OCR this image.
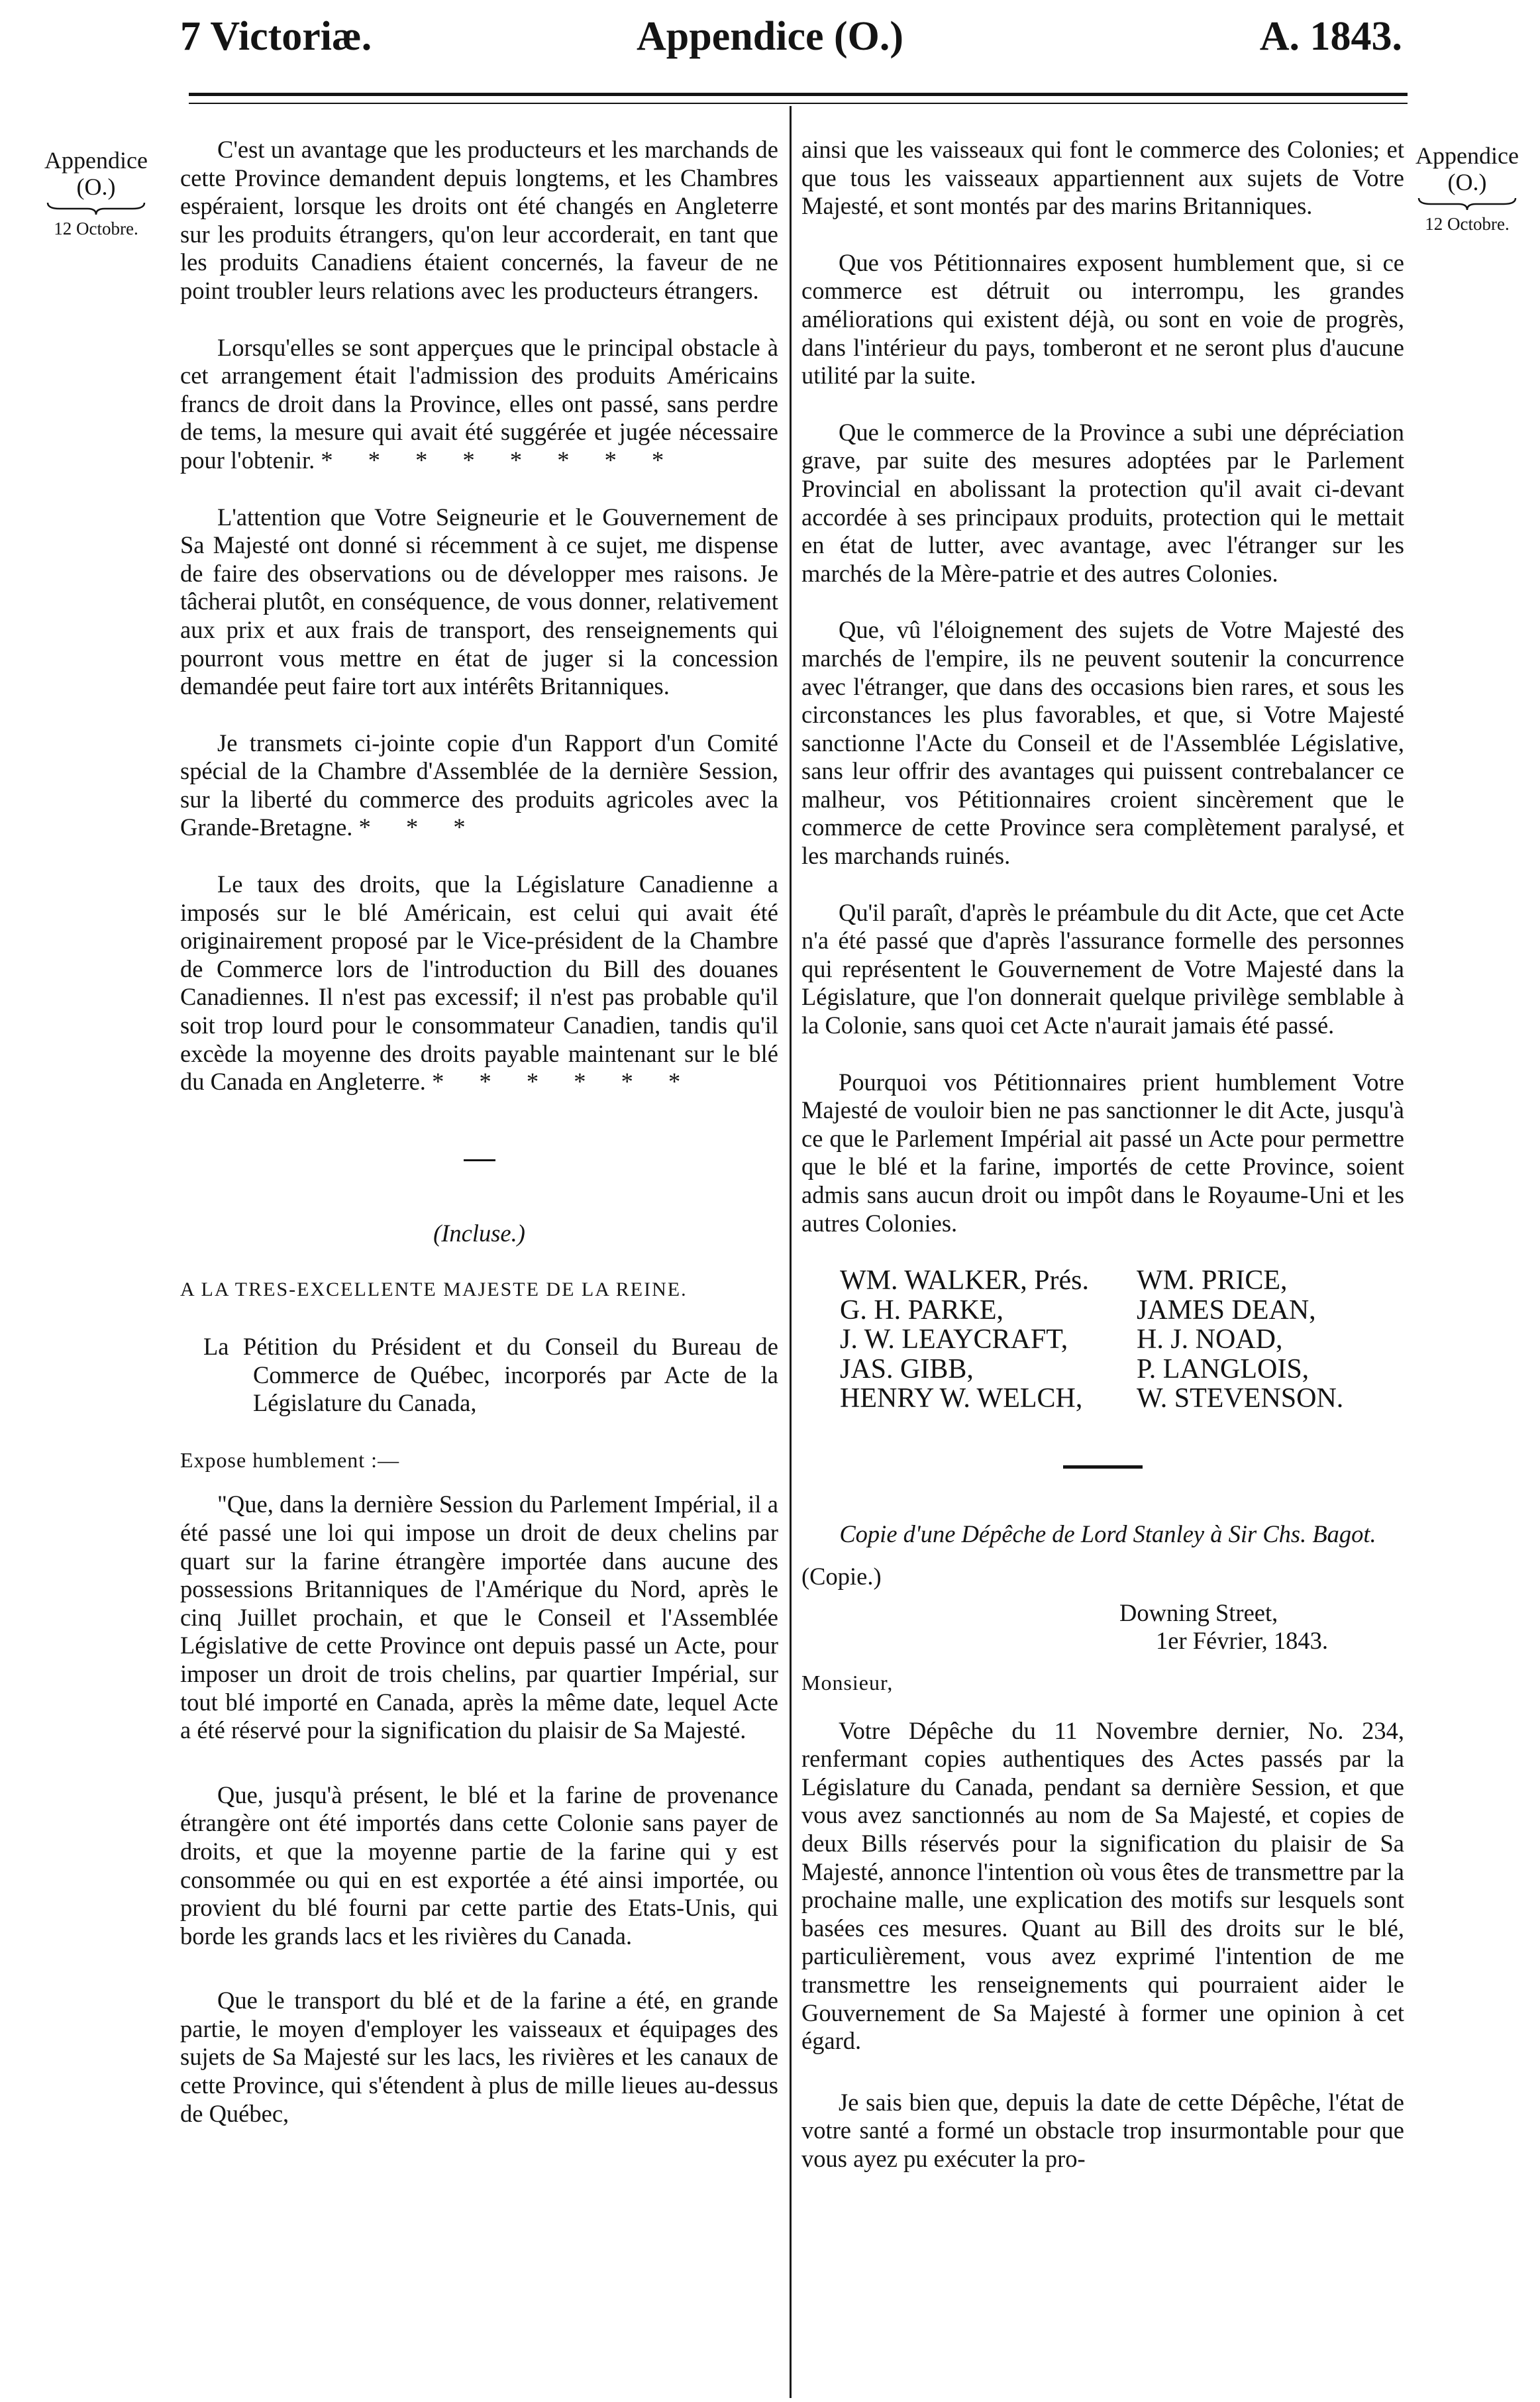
Appendice (O.)
7 Victoriæ.	A. 1843.
Appendice
(O.)
12 Octobre.
Appendice
(O.)
12 Octobre.

C'est un avantage que les producteurs et les marchands de cette Province demandent depuis longtems, et les Chambres espéraient, lorsque les droits ont été changés en Angleterre sur les produits étrangers, qu'on leur accorderait, en tant que les produits Canadiens étaient concernés, la faveur de ne point troubler leurs relations avec les producteurs étrangers.

Lorsqu'elles se sont apperçues que le principal obstacle à cet arrangement était l'admission des produits Américains francs de droit dans la Province, elles ont passé, sans perdre de tems, la mesure qui avait été suggérée et jugée nécessaire pour l'obtenir. * * * * * * * *

L'attention que Votre Seigneurie et le Gouvernement de Sa Majesté ont donné si récemment à ce sujet, me dispense de faire des observations ou de développer mes raisons. Je tâcherai plutôt, en conséquence, de vous donner, relativement aux prix et aux frais de transport, des renseignements qui pourront vous mettre en état de juger si la concession demandée peut faire tort aux intérêts Britanniques.

Je transmets ci-jointe copie d'un Rapport d'un Comité spécial de la Chambre d'Assemblée de la dernière Session, sur la liberté du commerce des produits agricoles avec la Grande-Bretagne. * * *

Le taux des droits, que la Législature Canadienne a imposés sur le blé Américain, est celui qui avait été originairement proposé par le Vice-président de la Chambre de Commerce lors de l'introduction du Bill des douanes Canadiennes. Il n'est pas excessif; il n'est pas probable qu'il soit trop lourd pour le consommateur Canadien, tandis qu'il excède la moyenne des droits payable maintenant sur le blé du Canada en Angleterre. * * * * * *

(Incluse.)

A LA TRES-EXCELLENTE MAJESTE DE LA REINE.

La Pétition du Président et du Conseil du Bureau de Commerce de Québec, incorporés par Acte de la Législature du Canada,

Expose humblement :—

"Que, dans la dernière Session du Parlement Impérial, il a été passé une loi qui impose un droit de deux chelins par quart sur la farine étrangère importée dans aucune des possessions Britanniques de l'Amérique du Nord, après le cinq Juillet prochain, et que le Conseil et l'Assemblée Législative de cette Province ont depuis passé un Acte, pour imposer un droit de trois chelins, par quartier Impérial, sur tout blé importé en Canada, après la même date, lequel Acte a été réservé pour la signification du plaisir de Sa Majesté.

Que, jusqu'à présent, le blé et la farine de provenance étrangère ont été importés dans cette Colonie sans payer de droits, et que la moyenne partie de la farine qui y est consommée ou qui en est exportée a été ainsi importée, ou provient du blé fourni par cette partie des Etats-Unis, qui borde les grands lacs et les rivières du Canada.

Que le transport du blé et de la farine a été, en grande partie, le moyen d'employer les vaisseaux et équipages des sujets de Sa Majesté sur les lacs, les rivières et les canaux de cette Province, qui s'étendent à plus de mille lieues au-dessus de Québec,

ainsi que les vaisseaux qui font le commerce des Colonies; et que tous les vaisseaux appartiennent aux sujets de Votre Majesté, et sont montés par des marins Britanniques.

Que vos Pétitionnaires exposent humblement que, si ce commerce est détruit ou interrompu, les grandes améliorations qui existent déjà, ou sont en voie de progrès, dans l'intérieur du pays, tomberont et ne seront plus d'aucune utilité par la suite.

Que le commerce de la Province a subi une dépréciation grave, par suite des mesures adoptées par le Parlement Provincial en abolissant la protection qu'il avait ci-devant accordée à ses principaux produits, protection qui le mettait en état de lutter, avec avantage, avec l'étranger sur les marchés de la Mère-patrie et des autres Colonies.

Que, vû l'éloignement des sujets de Votre Majesté des marchés de l'empire, ils ne peuvent soutenir la concurrence avec l'étranger, que dans des occasions bien rares, et sous les circonstances les plus favorables, et que, si Votre Majesté sanctionne l'Acte du Conseil et de l'Assemblée Législative, sans leur offrir des avantages qui puissent contrebalancer ce malheur, vos Pétitionnaires croient sincèrement que le commerce de cette Province sera complètement paralysé, et les marchands ruinés.

Qu'il paraît, d'après le préambule du dit Acte, que cet Acte n'a été passé que d'après l'assurance formelle des personnes qui représentent le Gouvernement de Votre Majesté dans la Législature, que l'on donnerait quelque privilège semblable à la Colonie, sans quoi cet Acte n'aurait jamais été passé.

Pourquoi vos Pétitionnaires prient humblement Votre Majesté de vouloir bien ne pas sanctionner le dit Acte, jusqu'à ce que le Parlement Impérial ait passé un Acte pour permettre que le blé et la farine, importés de cette Province, soient admis sans aucun droit ou impôt dans le Royaume-Uni et les autres Colonies.

WM. WALKER, Prés.	WM. PRICE,
G. H. PARKE,	JAMES DEAN,
J. W. LEAYCRAFT,	H. J. NOAD,
JAS. GIBB,	P. LANGLOIS,
HENRY W. WELCH,	W. STEVENSON.

Copie d'une Dépêche de Lord Stanley à Sir Chs. Bagot.

(Copie.)

Downing Street,

1er Février, 1843.

Monsieur,

Votre Dépêche du 11 Novembre dernier, No. 234, renfermant copies authentiques des Actes passés par la Législature du Canada, pendant sa dernière Session, et que vous avez sanctionnés au nom de Sa Majesté, et copies de deux Bills réservés pour la signification du plaisir de Sa Majesté, annonce l'intention où vous êtes de transmettre par la prochaine malle, une explication des motifs sur lesquels sont basées ces mesures. Quant au Bill des droits sur le blé, particulièrement, vous avez exprimé l'intention de me transmettre les renseignements qui pourraient aider le Gouvernement de Sa Majesté à former une opinion à cet égard.

Je sais bien que, depuis la date de cette Dépêche, l'état de votre santé a formé un obstacle trop insurmontable pour que vous ayez pu exécuter la pro-
